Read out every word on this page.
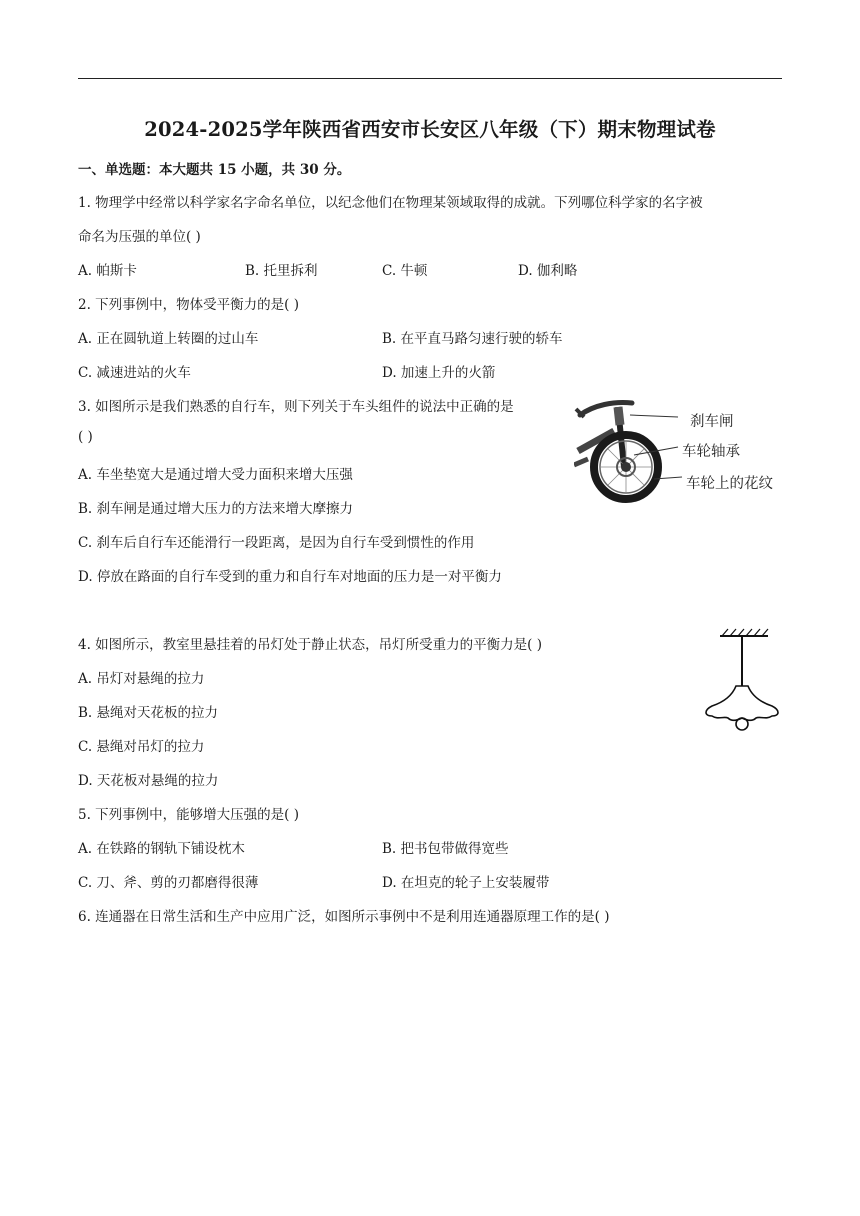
2024-2025学年陕西省西安市长安区八年级（下）期末物理试卷
一、单选题：本大题共 15 小题，共 30 分。
1. 物理学中经常以科学家名字命名单位，以纪念他们在物理某领域取得的成就。下列哪位科学家的名字被
命名为压强的单位( )
A. 帕斯卡	B. 托里拆利	C. 牛顿	D. 伽利略
2. 下列事例中，物体受平衡力的是( )
A. 正在圆轨道上转圈的过山车	B. 在平直马路匀速行驶的轿车
C. 减速进站的火车	D. 加速上升的火箭
3. 如图所示是我们熟悉的自行车，则下列关于车头组件的说法中正确的是
( )
A. 车坐垫宽大是通过增大受力面积来增大压强
B. 刹车闸是通过增大压力的方法来增大摩擦力
C. 刹车后自行车还能滑行一段距离，是因为自行车受到惯性的作用
D. 停放在路面的自行车受到的重力和自行车对地面的压力是一对平衡力
刹车闸
车轮轴承
车轮上的花纹
4. 如图所示，教室里悬挂着的吊灯处于静止状态，吊灯所受重力的平衡力是( )
A. 吊灯对悬绳的拉力
B. 悬绳对天花板的拉力
C. 悬绳对吊灯的拉力
D. 天花板对悬绳的拉力
5. 下列事例中，能够增大压强的是( )
A. 在铁路的钢轨下铺设枕木	B. 把书包带做得宽些
C. 刀、斧、剪的刃都磨得很薄	D. 在坦克的轮子上安装履带
6. 连通器在日常生活和生产中应用广泛，如图所示事例中不是利用连通器原理工作的是( )
